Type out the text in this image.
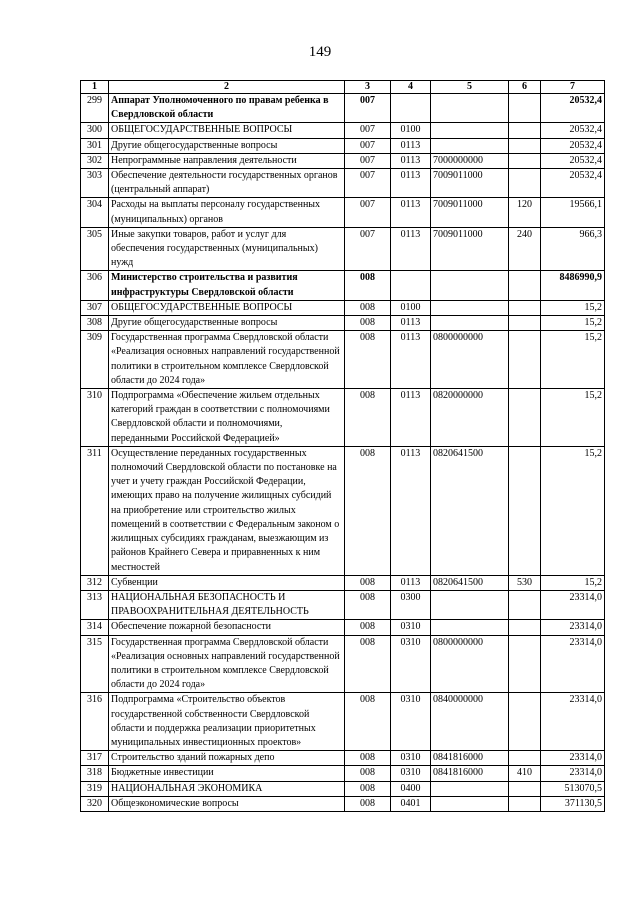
149
1	2	3	4	5	6	7
299	Аппарат Уполномоченного по правам ребенка в Свердловской области	007				20532,4
300	ОБЩЕГОСУДАРСТВЕННЫЕ ВОПРОСЫ	007	0100			20532,4
301	Другие общегосударственные вопросы	007	0113			20532,4
302	Непрограммные направления деятельности	007	0113	7000000000		20532,4
303	Обеспечение деятельности государственных органов (центральный аппарат)	007	0113	7009011000		20532,4
304	Расходы на выплаты персоналу государственных (муниципальных) органов	007	0113	7009011000	120	19566,1
305	Иные закупки товаров, работ и услуг для обеспечения государственных (муниципальных) нужд	007	0113	7009011000	240	966,3
306	Министерство строительства и развития инфраструктуры Свердловской области	008				8486990,9
307	ОБЩЕГОСУДАРСТВЕННЫЕ ВОПРОСЫ	008	0100			15,2
308	Другие общегосударственные вопросы	008	0113			15,2
309	Государственная программа Свердловской области «Реализация основных направлений государственной политики в строительном комплексе Свердловской области до 2024 года»	008	0113	0800000000		15,2
310	Подпрограмма «Обеспечение жильем отдельных категорий граждан в соответствии с полномочиями Свердловской области и полномочиями, переданными Российской Федерацией»	008	0113	0820000000		15,2
311	Осуществление переданных государственных полномочий Свердловской области по постановке на учет и учету граждан Российской Федерации, имеющих право на получение жилищных субсидий на приобретение или строительство жилых помещений в соответствии с Федеральным законом о жилищных субсидиях гражданам, выезжающим из районов Крайнего Севера и приравненных к ним местностей	008	0113	0820641500		15,2
312	Субвенции	008	0113	0820641500	530	15,2
313	НАЦИОНАЛЬНАЯ БЕЗОПАСНОСТЬ И ПРАВООХРАНИТЕЛЬНАЯ ДЕЯТЕЛЬНОСТЬ	008	0300			23314,0
314	Обеспечение пожарной безопасности	008	0310			23314,0
315	Государственная программа Свердловской области «Реализация основных направлений государственной политики в строительном комплексе Свердловской области до 2024 года»	008	0310	0800000000		23314,0
316	Подпрограмма «Строительство объектов государственной собственности Свердловской области и поддержка реализации приоритетных муниципальных инвестиционных проектов»	008	0310	0840000000		23314,0
317	Строительство зданий пожарных депо	008	0310	0841816000		23314,0
318	Бюджетные инвестиции	008	0310	0841816000	410	23314,0
319	НАЦИОНАЛЬНАЯ ЭКОНОМИКА	008	0400			513070,5
320	Общеэкономические вопросы	008	0401			371130,5
